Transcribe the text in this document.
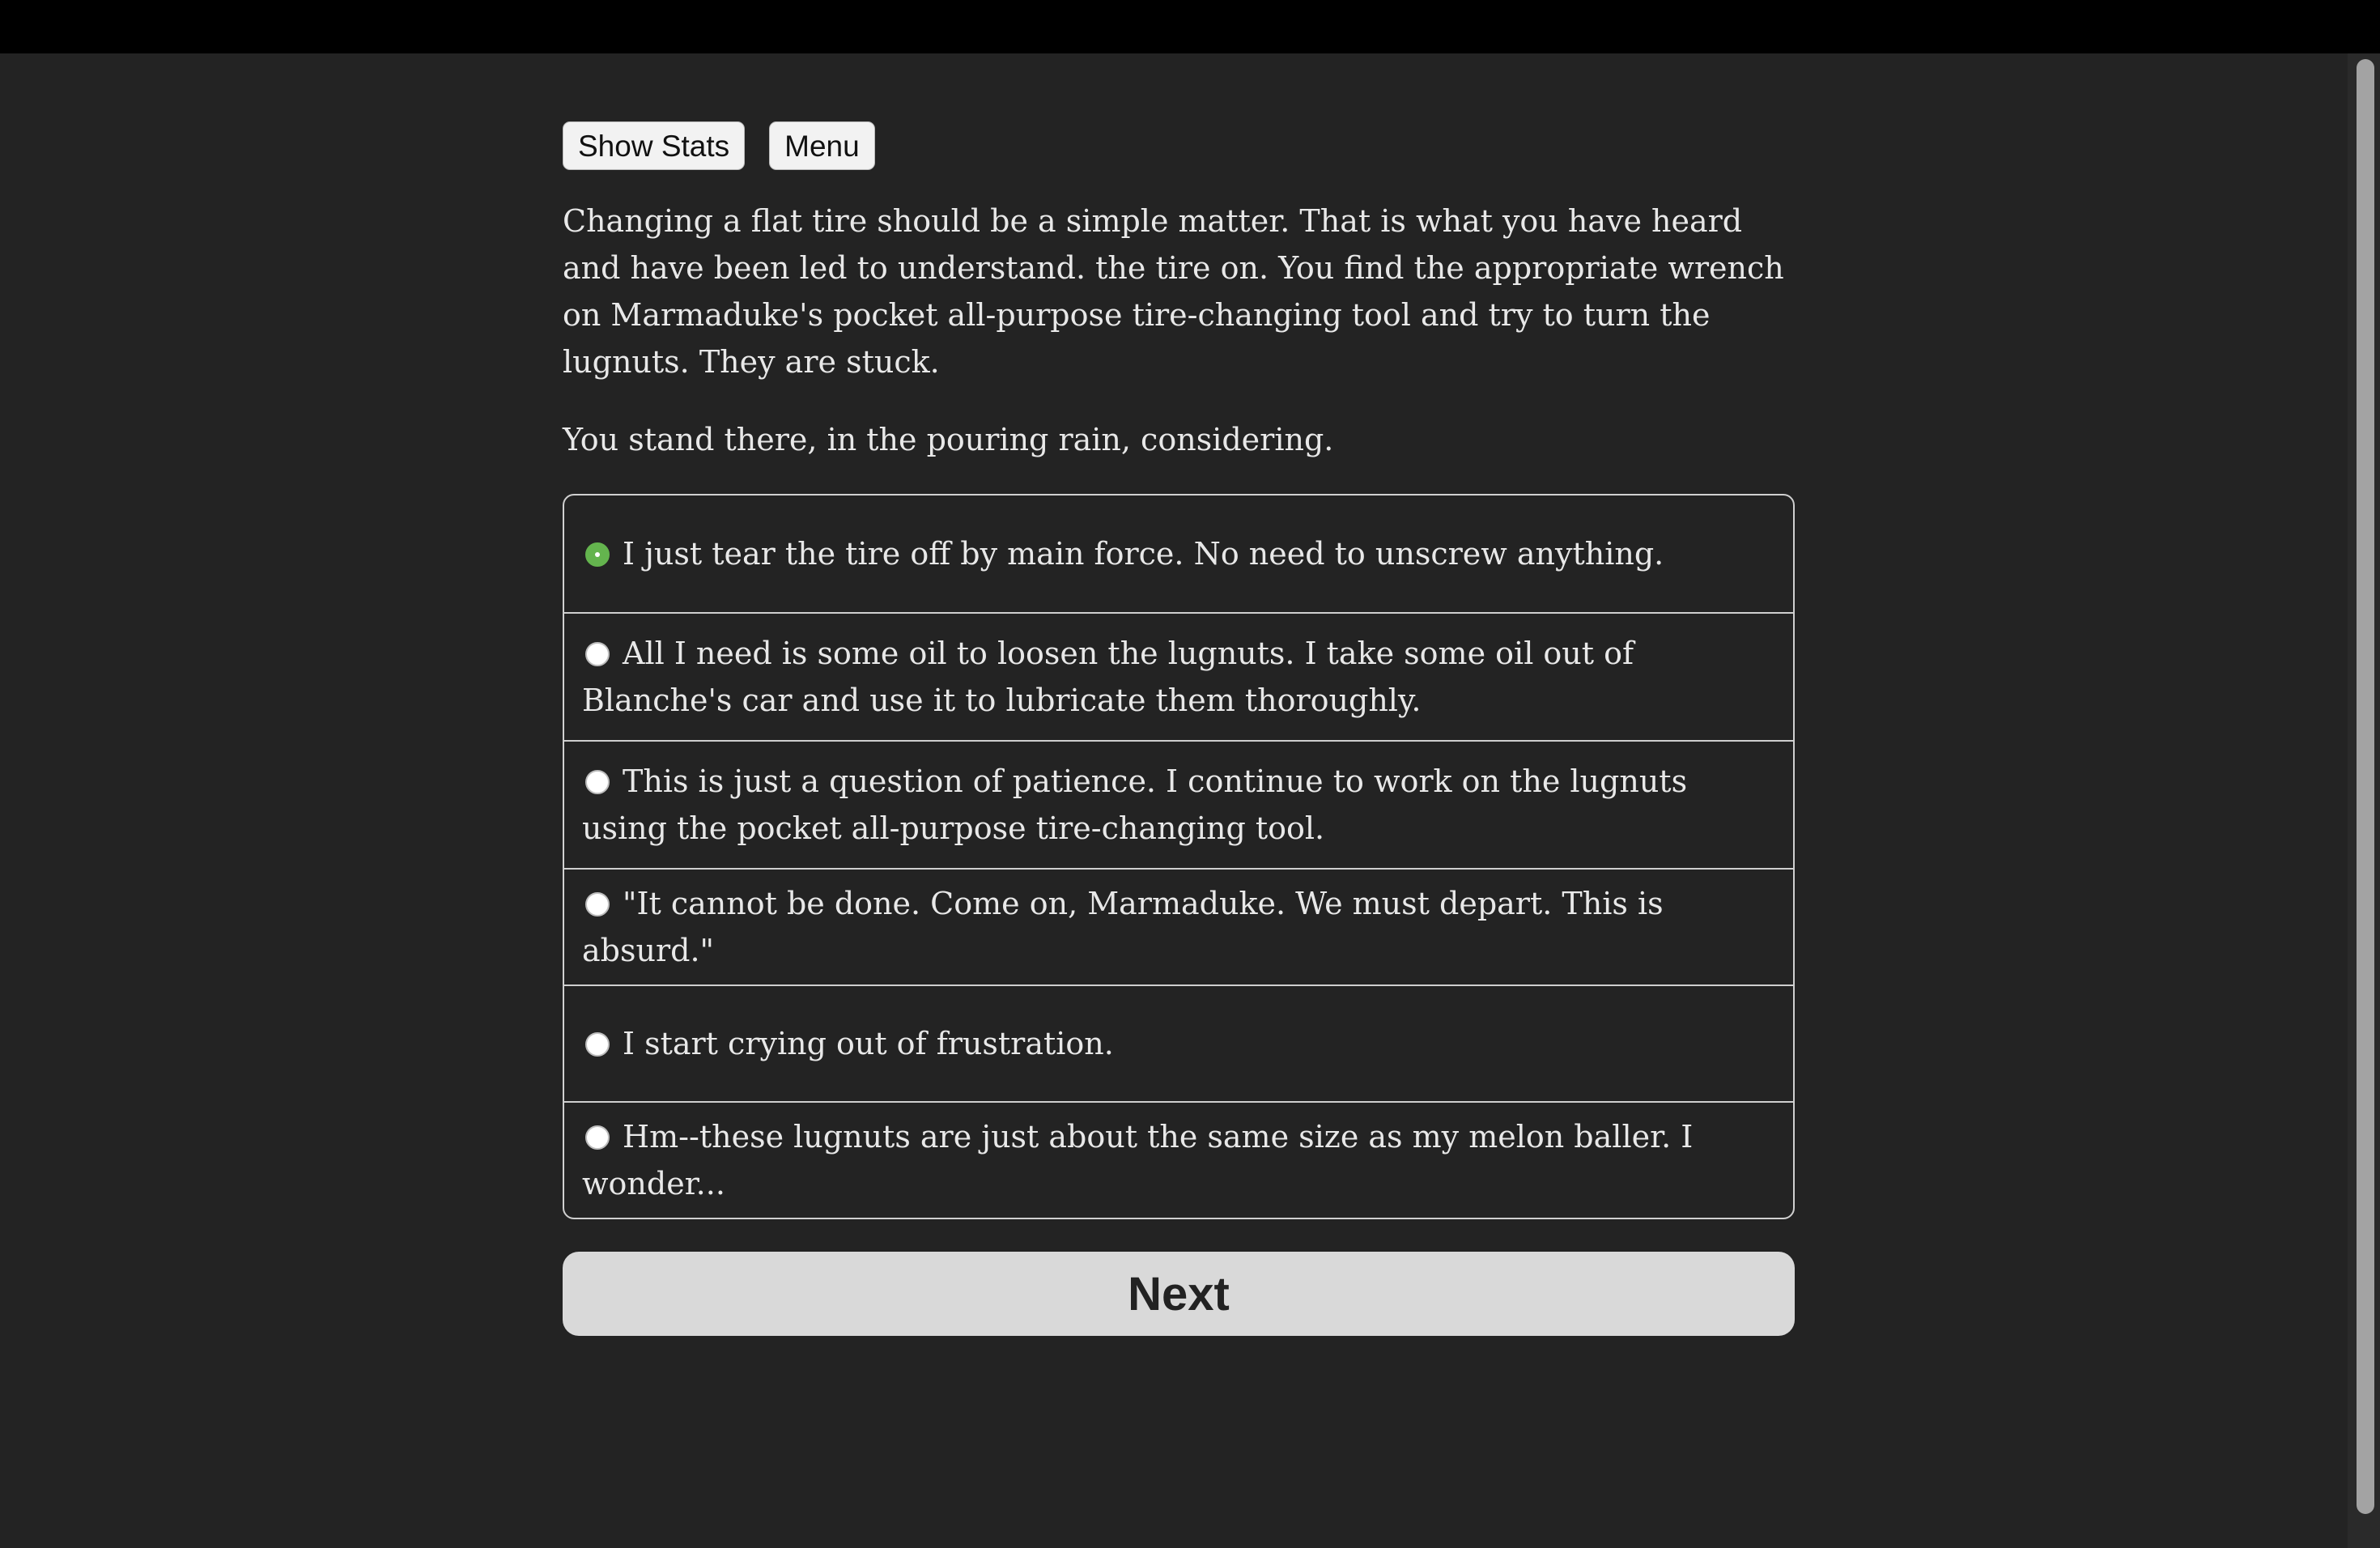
Show Stats	Menu

Changing a flat tire should be a simple matter. That is what you have heard and have been led to understand. the tire on. You find the appropriate wrench on Marmaduke's pocket all-purpose tire-changing tool and try to turn the lugnuts. They are stuck.

You stand there, in the pouring rain, considering.

I just tear the tire off by main force. No need to unscrew anything.
All I need is some oil to loosen the lugnuts. I take some oil out of Blanche's car and use it to lubricate them thoroughly.
This is just a question of patience. I continue to work on the lugnuts using the pocket all-purpose tire-changing tool.
"It cannot be done. Come on, Marmaduke. We must depart. This is absurd."
I start crying out of frustration.
Hm--these lugnuts are just about the same size as my melon baller. I wonder...
Next
